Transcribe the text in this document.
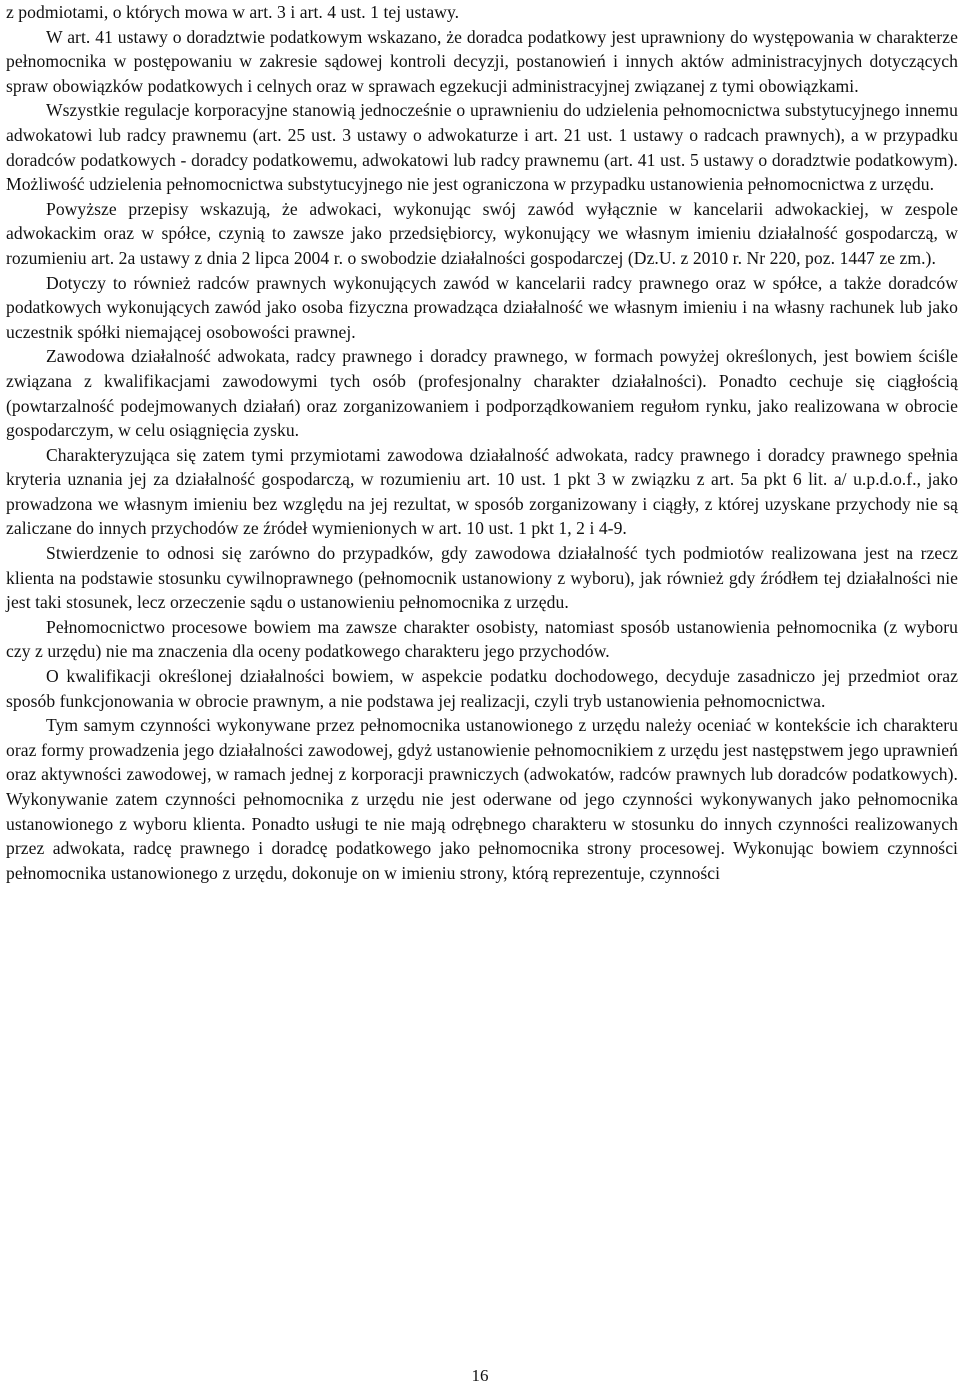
z podmiotami, o których mowa w art. 3 i art. 4 ust. 1 tej ustawy.

W art. 41 ustawy o doradztwie podatkowym wskazano, że doradca podatkowy jest uprawniony do występowania w charakterze pełnomocnika w postępowaniu w zakresie sądowej kontroli decyzji, postanowień i innych aktów administracyjnych dotyczących spraw obowiązków podatkowych i celnych oraz w sprawach egzekucji administracyjnej związanej z tymi obowiązkami.

Wszystkie regulacje korporacyjne stanowią jednocześnie o uprawnieniu do udzielenia pełnomocnictwa substytucyjnego innemu adwokatowi lub radcy prawnemu (art. 25 ust. 3 ustawy o adwokaturze i art. 21 ust. 1 ustawy o radcach prawnych), a w przypadku doradców podatkowych - doradcy podatkowemu, adwokatowi lub radcy prawnemu (art. 41 ust. 5 ustawy o doradztwie podatkowym). Możliwość udzielenia pełnomocnictwa substytucyjnego nie jest ograniczona w przypadku ustanowienia pełnomocnictwa z urzędu.

Powyższe przepisy wskazują, że adwokaci, wykonując swój zawód wyłącznie w kancelarii adwokackiej, w zespole adwokackim oraz w spółce, czynią to zawsze jako przedsiębiorcy, wykonujący we własnym imieniu działalność gospodarczą, w rozumieniu art. 2a ustawy z dnia 2 lipca 2004 r. o swobodzie działalności gospodarczej (Dz.U. z 2010 r. Nr 220, poz. 1447 ze zm.).

Dotyczy to również radców prawnych wykonujących zawód w kancelarii radcy prawnego oraz w spółce, a także doradców podatkowych wykonujących zawód jako osoba fizyczna prowadząca działalność we własnym imieniu i na własny rachunek lub jako uczestnik spółki niemającej osobowości prawnej.

Zawodowa działalność adwokata, radcy prawnego i doradcy prawnego, w formach powyżej określonych, jest bowiem ściśle związana z kwalifikacjami zawodowymi tych osób (profesjonalny charakter działalności). Ponadto cechuje się ciągłością (powtarzalność podejmowanych działań) oraz zorganizowaniem i podporządkowaniem regułom rynku, jako realizowana w obrocie gospodarczym, w celu osiągnięcia zysku.

Charakteryzująca się zatem tymi przymiotami zawodowa działalność adwokata, radcy prawnego i doradcy prawnego spełnia kryteria uznania jej za działalność gospodarczą, w rozumieniu art. 10 ust. 1 pkt 3 w związku z art. 5a pkt 6 lit. a/ u.p.d.o.f., jako prowadzona we własnym imieniu bez względu na jej rezultat, w sposób zorganizowany i ciągły, z której uzyskane przychody nie są zaliczane do innych przychodów ze źródeł wymienionych w art. 10 ust. 1 pkt 1, 2 i 4-9.

Stwierdzenie to odnosi się zarówno do przypadków, gdy zawodowa działalność tych podmiotów realizowana jest na rzecz klienta na podstawie stosunku cywilnoprawnego (pełnomocnik ustanowiony z wyboru), jak również gdy źródłem tej działalności nie jest taki stosunek, lecz orzeczenie sądu o ustanowieniu pełnomocnika z urzędu.

Pełnomocnictwo procesowe bowiem ma zawsze charakter osobisty, natomiast sposób ustanowienia pełnomocnika (z wyboru czy z urzędu) nie ma znaczenia dla oceny podatkowego charakteru jego przychodów.

O kwalifikacji określonej działalności bowiem, w aspekcie podatku dochodowego, decyduje zasadniczo jej przedmiot oraz sposób funkcjonowania w obrocie prawnym, a nie podstawa jej realizacji, czyli tryb ustanowienia pełnomocnictwa.

Tym samym czynności wykonywane przez pełnomocnika ustanowionego z urzędu należy oceniać w kontekście ich charakteru oraz formy prowadzenia jego działalności zawodowej, gdyż ustanowienie pełnomocnikiem z urzędu jest następstwem jego uprawnień oraz aktywności zawodowej, w ramach jednej z korporacji prawniczych (adwokatów, radców prawnych lub doradców podatkowych). Wykonywanie zatem czynności pełnomocnika z urzędu nie jest oderwane od jego czynności wykonywanych jako pełnomocnika ustanowionego z wyboru klienta. Ponadto usługi te nie mają odrębnego charakteru w stosunku do innych czynności realizowanych przez adwokata, radcę prawnego i doradcę podatkowego jako pełnomocnika strony procesowej. Wykonując bowiem czynności pełnomocnika ustanowionego z urzędu, dokonuje on w imieniu strony, którą reprezentuje, czynności

16
